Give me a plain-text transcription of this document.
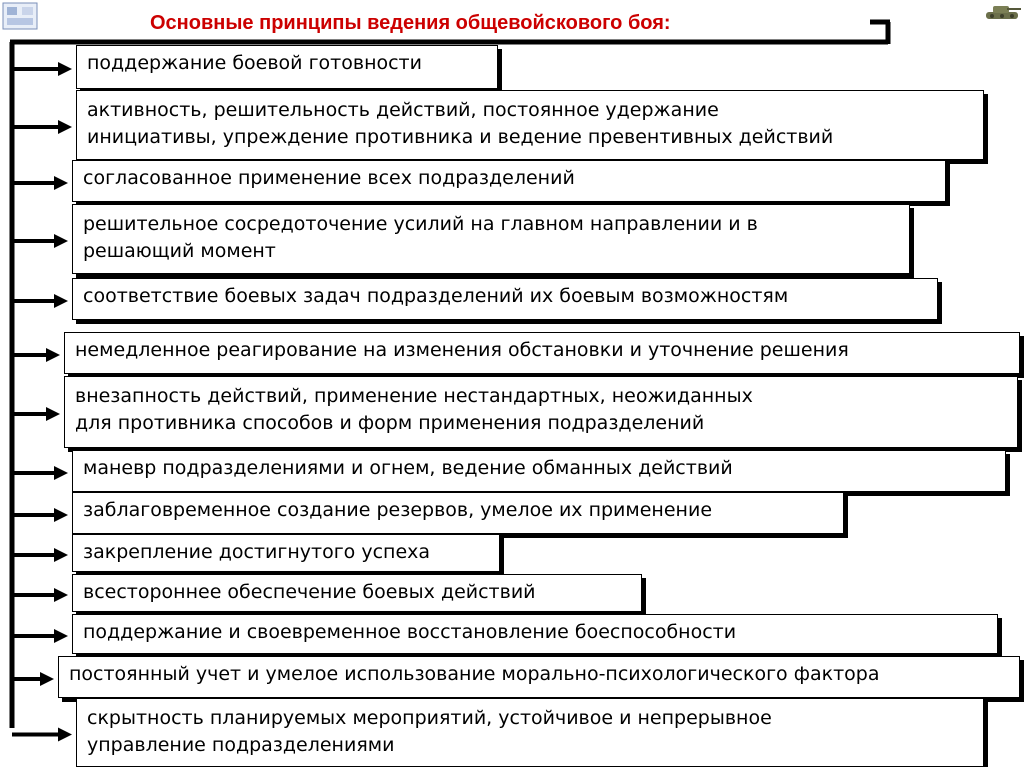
Основные принципы ведения общевойскового боя:
поддержание боевой готовности
активность, решительность действий, постоянное удержание
инициативы, упреждение противника и ведение превентивных действий
согласованное применение всех подразделений
решительное сосредоточение усилий на главном направлении и в
решающий момент
соответствие боевых задач подразделений их боевым возможностям
немедленное реагирование на изменения обстановки и уточнение решения
внезапность действий, применение нестандартных, неожиданных
для противника способов и форм применения подразделений
маневр подразделениями и огнем, ведение обманных действий
заблаговременное создание резервов, умелое их применение
закрепление достигнутого успеха
всестороннее обеспечение боевых действий
поддержание и своевременное восстановление боеспособности
постоянный учет и умелое использование морально-психологического фактора
скрытность планируемых мероприятий, устойчивое и непрерывное
управление подразделениями
